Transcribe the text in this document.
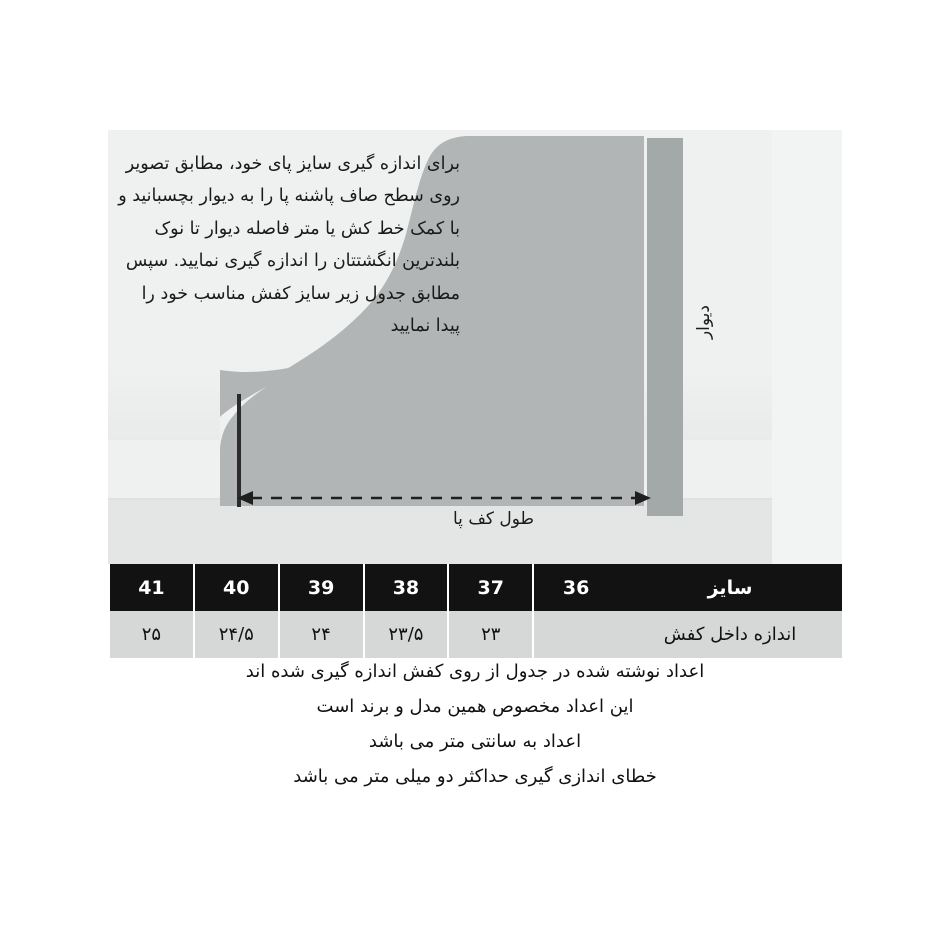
دیوار
طول کف پا
برای اندازه گیری سایز پای خود، مطابق تصویر روی سطح صاف پاشنه پا را به دیوار بچسبانید و با کمک خط کش یا متر فاصله دیوار تا نوک بلندترین انگشتتان را اندازه گیری نمایید. سپس مطابق جدول زیر سایز کفش مناسب خود را پیدا نمایید
سایز	36	37	38	39	40	41
اندازه داخل کفش		۲۳	۲۳/۵	۲۴	۲۴/۵	۲۵
اعداد نوشته شده در جدول از روی کفش اندازه گیری شده اند
این اعداد مخصوص همین مدل و برند است
اعداد به سانتی متر می باشد
خطای اندازی گیری حداکثر دو میلی متر می باشد
